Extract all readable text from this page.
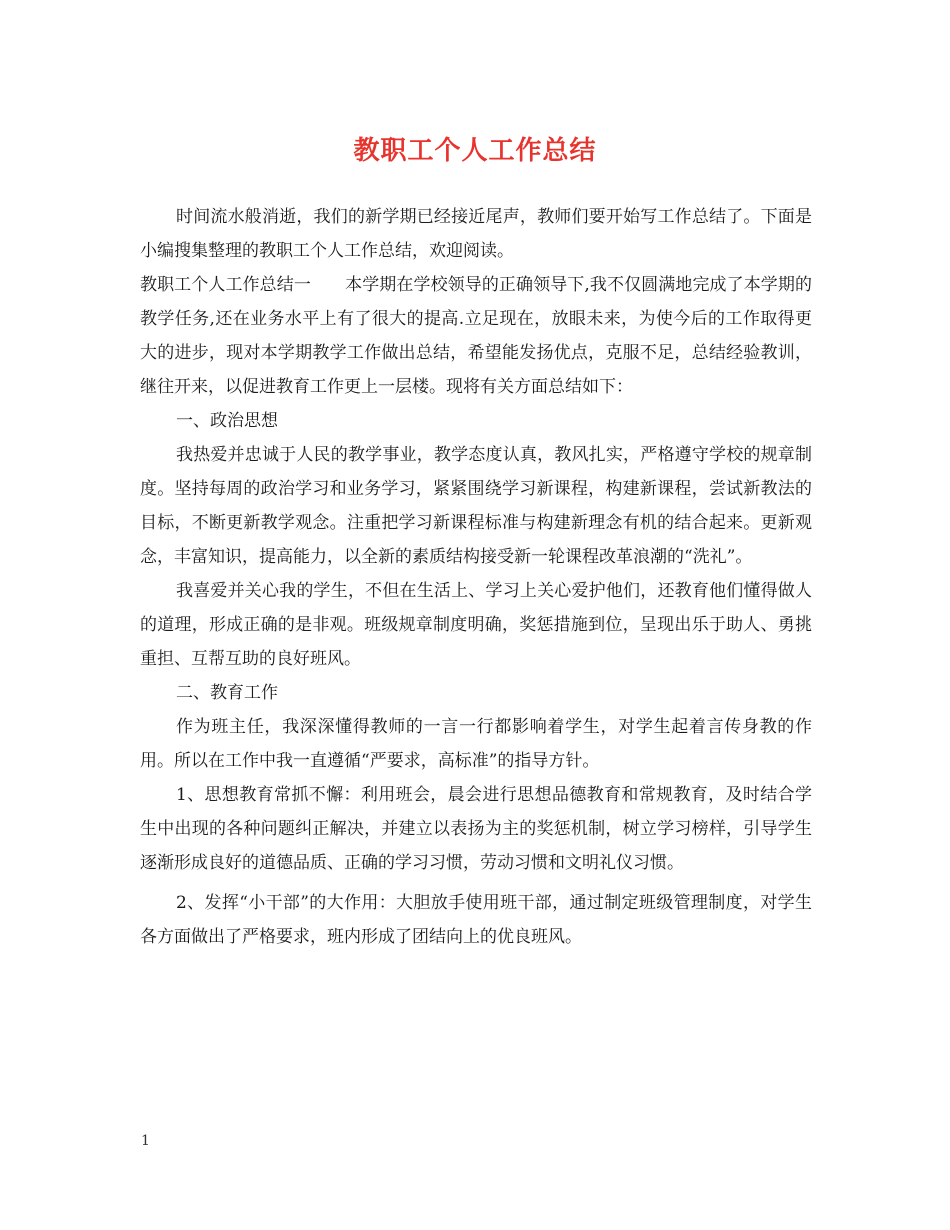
教职工个人工作总结

时间流水般消逝，我们的新学期已经接近尾声，教师们要开始写工作总结了。下面是小编搜集整理的教职工个人工作总结，欢迎阅读。

教职工个人工作总结一　　本学期在学校领导的正确领导下,我不仅圆满地完成了本学期的教学任务,还在业务水平上有了很大的提高.立足现在，放眼未来，为使今后的工作取得更大的进步，现对本学期教学工作做出总结，希望能发扬优点，克服不足，总结经验教训，继往开来，以促进教育工作更上一层楼。现将有关方面总结如下：

一、政治思想

我热爱并忠诚于人民的教学事业，教学态度认真，教风扎实，严格遵守学校的规章制度。坚持每周的政治学习和业务学习，紧紧围绕学习新课程，构建新课程，尝试新教法的目标，不断更新教学观念。注重把学习新课程标准与构建新理念有机的结合起来。更新观念，丰富知识，提高能力，以全新的素质结构接受新一轮课程改革浪潮的“洗礼”。

我喜爱并关心我的学生，不但在生活上、学习上关心爱护他们，还教育他们懂得做人的道理，形成正确的是非观。班级规章制度明确，奖惩措施到位，呈现出乐于助人、勇挑重担、互帮互助的良好班风。

二、教育工作

作为班主任，我深深懂得教师的一言一行都影响着学生，对学生起着言传身教的作用。所以在工作中我一直遵循“严要求，高标准”的指导方针。

1、思想教育常抓不懈：利用班会，晨会进行思想品德教育和常规教育，及时结合学生中出现的各种问题纠正解决，并建立以表扬为主的奖惩机制，树立学习榜样，引导学生逐渐形成良好的道德品质、正确的学习习惯，劳动习惯和文明礼仪习惯。

2、发挥“小干部”的大作用：大胆放手使用班干部，通过制定班级管理制度，对学生各方面做出了严格要求，班内形成了团结向上的优良班风。

1
